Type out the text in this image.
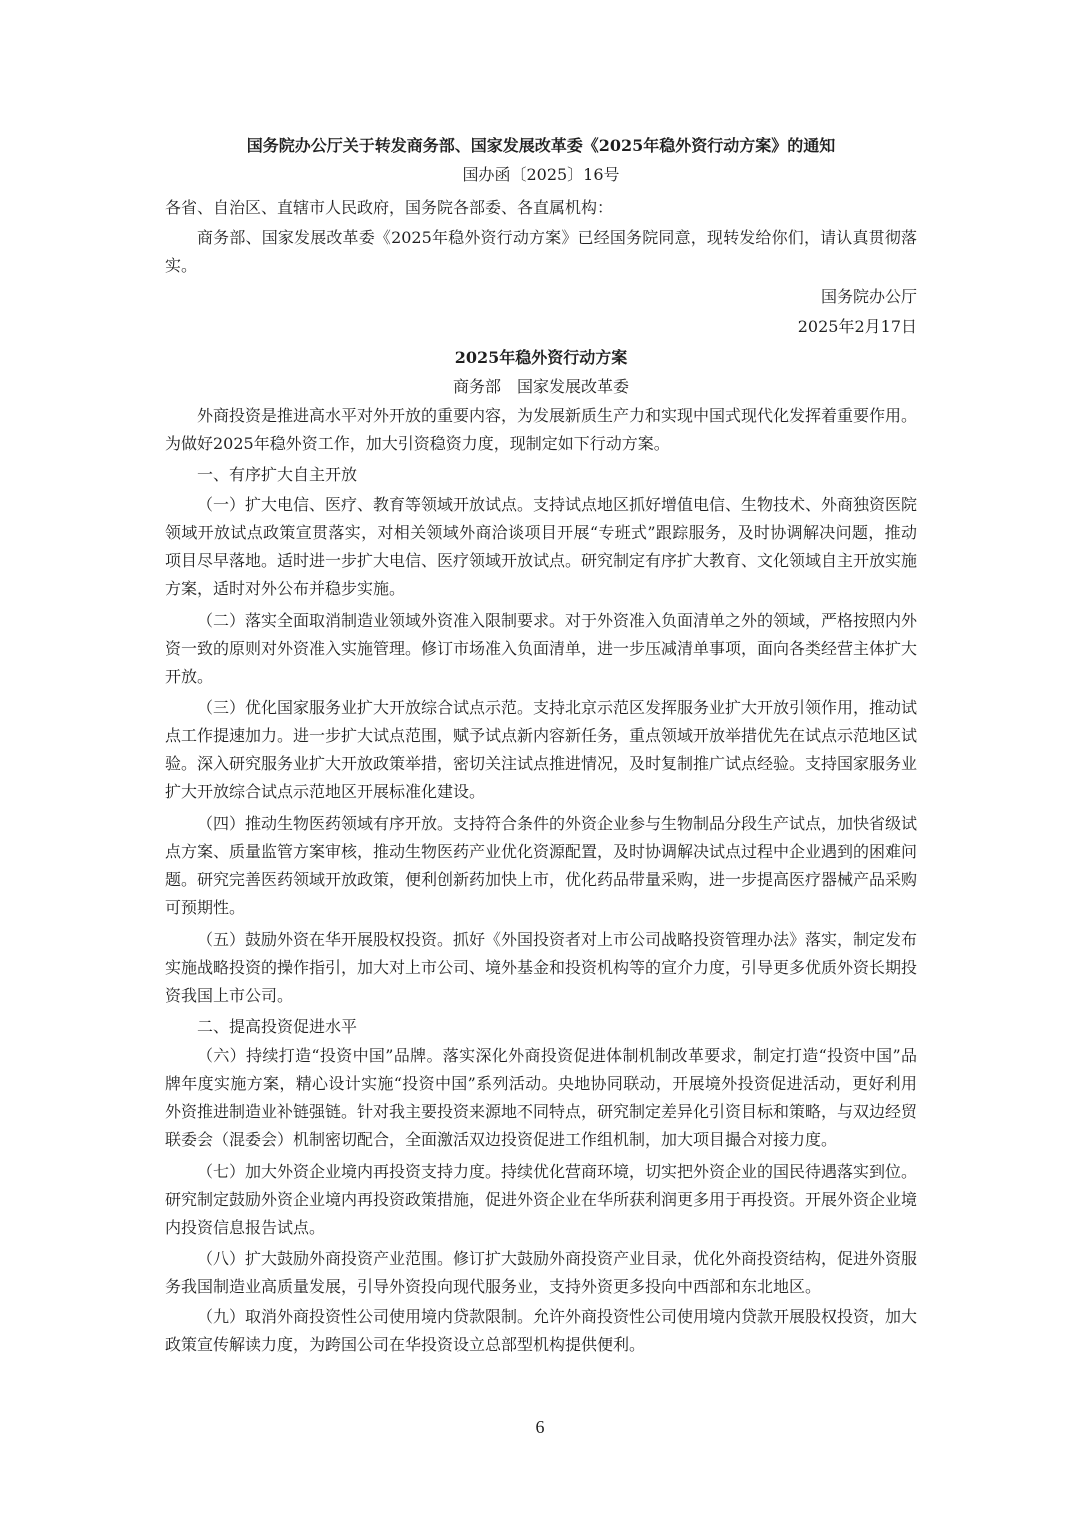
国务院办公厅关于转发商务部、国家发展改革委《2025年稳外资行动方案》的通知
国办函〔2025〕16号
各省、自治区、直辖市人民政府，国务院各部委、各直属机构：
商务部、国家发展改革委《2025年稳外资行动方案》已经国务院同意，现转发给你们，请认真贯彻落实。
国务院办公厅
2025年2月17日
2025年稳外资行动方案
商务部　国家发展改革委
外商投资是推进高水平对外开放的重要内容，为发展新质生产力和实现中国式现代化发挥着重要作用。为做好2025年稳外资工作，加大引资稳资力度，现制定如下行动方案。
一、有序扩大自主开放
（一）扩大电信、医疗、教育等领域开放试点。支持试点地区抓好增值电信、生物技术、外商独资医院领域开放试点政策宣贯落实，对相关领域外商洽谈项目开展“专班式”跟踪服务，及时协调解决问题，推动项目尽早落地。适时进一步扩大电信、医疗领域开放试点。研究制定有序扩大教育、文化领域自主开放实施方案，适时对外公布并稳步实施。
（二）落实全面取消制造业领域外资准入限制要求。对于外资准入负面清单之外的领域，严格按照内外资一致的原则对外资准入实施管理。修订市场准入负面清单，进一步压减清单事项，面向各类经营主体扩大开放。
（三）优化国家服务业扩大开放综合试点示范。支持北京示范区发挥服务业扩大开放引领作用，推动试点工作提速加力。进一步扩大试点范围，赋予试点新内容新任务，重点领域开放举措优先在试点示范地区试验。深入研究服务业扩大开放政策举措，密切关注试点推进情况，及时复制推广试点经验。支持国家服务业扩大开放综合试点示范地区开展标准化建设。
（四）推动生物医药领域有序开放。支持符合条件的外资企业参与生物制品分段生产试点，加快省级试点方案、质量监管方案审核，推动生物医药产业优化资源配置，及时协调解决试点过程中企业遇到的困难问题。研究完善医药领域开放政策，便利创新药加快上市，优化药品带量采购，进一步提高医疗器械产品采购可预期性。
（五）鼓励外资在华开展股权投资。抓好《外国投资者对上市公司战略投资管理办法》落实，制定发布实施战略投资的操作指引，加大对上市公司、境外基金和投资机构等的宣介力度，引导更多优质外资长期投资我国上市公司。
二、提高投资促进水平
（六）持续打造“投资中国”品牌。落实深化外商投资促进体制机制改革要求，制定打造“投资中国”品牌年度实施方案，精心设计实施“投资中国”系列活动。央地协同联动，开展境外投资促进活动，更好利用外资推进制造业补链强链。针对我主要投资来源地不同特点，研究制定差异化引资目标和策略，与双边经贸联委会（混委会）机制密切配合，全面激活双边投资促进工作组机制，加大项目撮合对接力度。
（七）加大外资企业境内再投资支持力度。持续优化营商环境，切实把外资企业的国民待遇落实到位。研究制定鼓励外资企业境内再投资政策措施，促进外资企业在华所获利润更多用于再投资。开展外资企业境内投资信息报告试点。
（八）扩大鼓励外商投资产业范围。修订扩大鼓励外商投资产业目录，优化外商投资结构，促进外资服务我国制造业高质量发展，引导外资投向现代服务业，支持外资更多投向中西部和东北地区。
（九）取消外商投资性公司使用境内贷款限制。允许外商投资性公司使用境内贷款开展股权投资，加大政策宣传解读力度，为跨国公司在华投资设立总部型机构提供便利。
6
